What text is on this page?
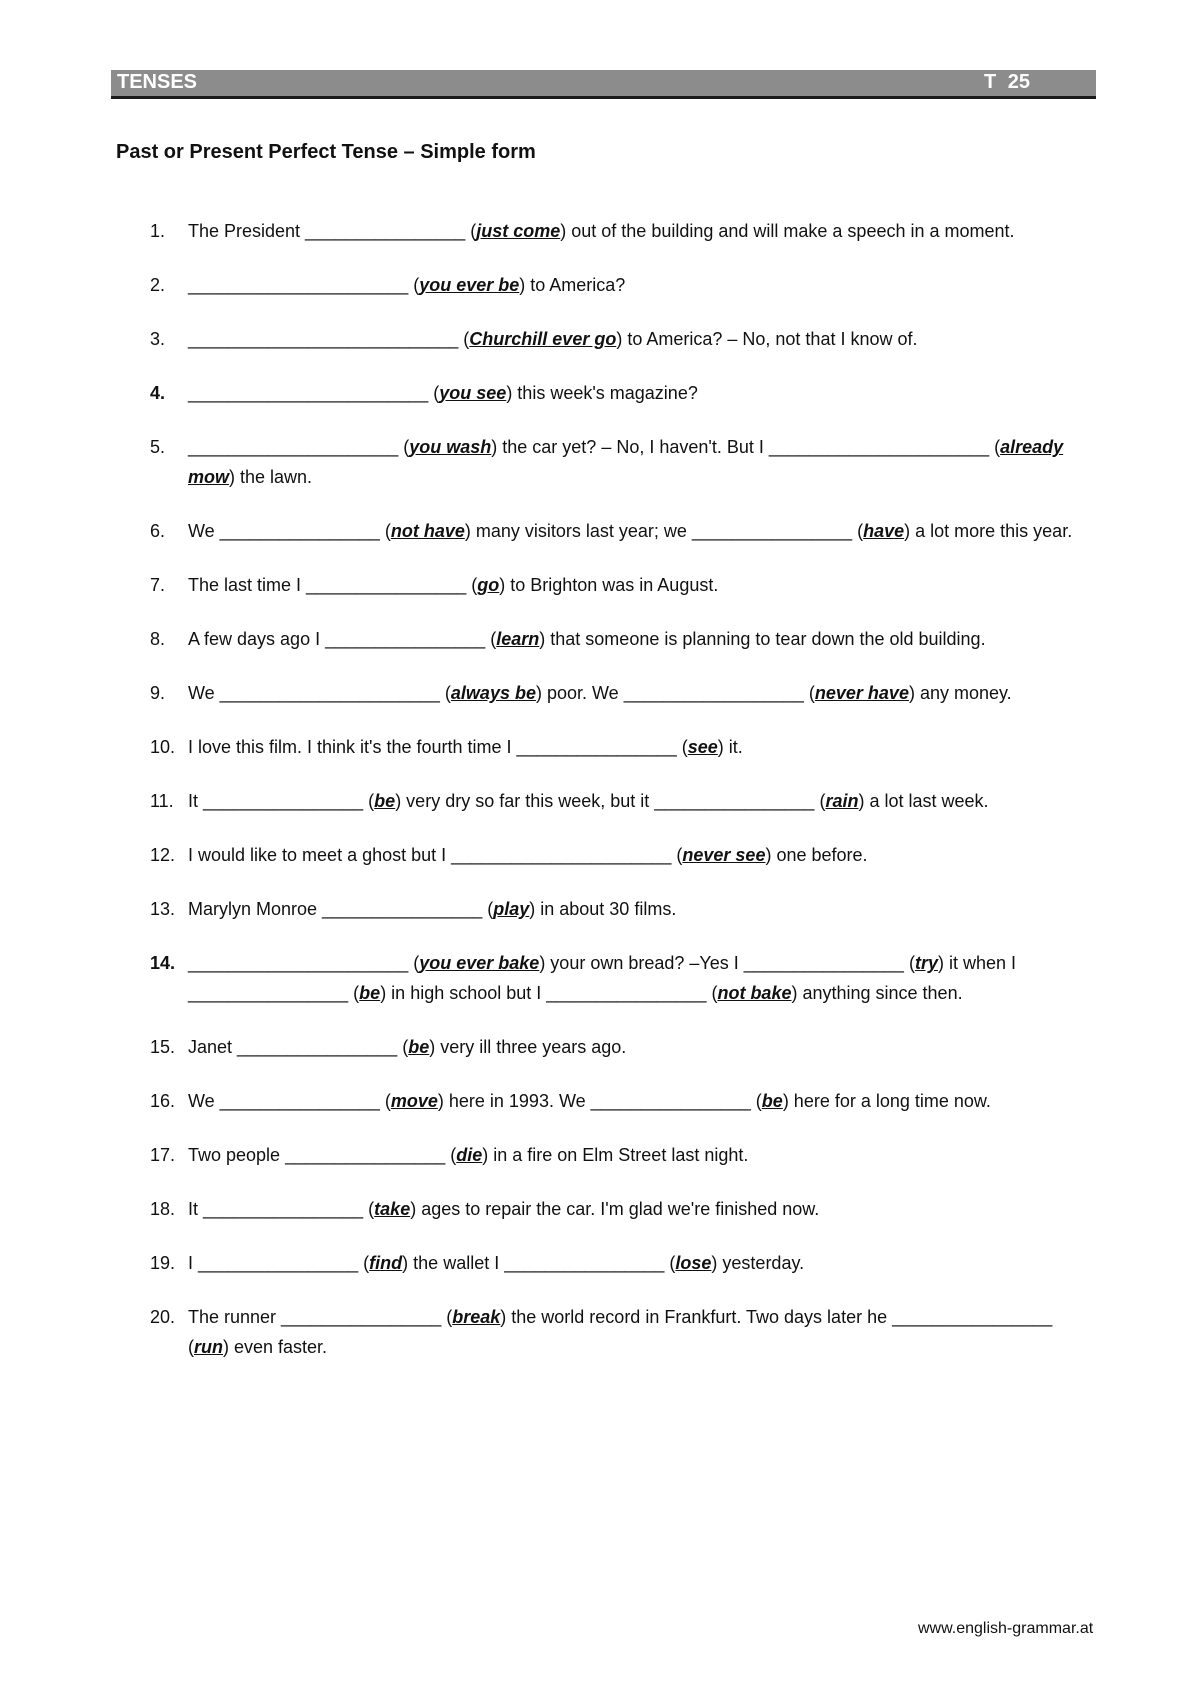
TENSES	T 25
Past or Present Perfect Tense – Simple form
1. The President ________________ (just come) out of the building and will make a speech in a moment.
2. ______________________ (you ever be) to America?
3. ___________________________ (Churchill ever go) to America? – No, not that I know of.
4. ________________________ (you see) this week's magazine?
5. _____________________ (you wash) the car yet? – No, I haven't. But I ______________________ (already mow) the lawn.
6. We ________________ (not have) many visitors last year; we ________________ (have) a lot more this year.
7. The last time I ________________ (go) to Brighton was in August.
8. A few days ago I ________________ (learn) that someone is planning to tear down the old building.
9. We ______________________ (always be) poor. We __________________ (never have) any money.
10. I love this film. I think it's the fourth time I ________________ (see) it.
11. It ________________ (be) very dry so far this week, but it ________________ (rain) a lot last week.
12. I would like to meet a ghost but I ______________________ (never see) one before.
13. Marylyn Monroe ________________ (play) in about 30 films.
14. ______________________ (you ever bake) your own bread? –Yes I ________________ (try) it when I ________________ (be) in high school but I ________________ (not bake) anything since then.
15. Janet ________________ (be) very ill three years ago.
16. We ________________ (move) here in 1993. We ________________ (be) here for a long time now.
17. Two people ________________ (die) in a fire on Elm Street last night.
18. It ________________ (take) ages to repair the car. I'm glad we're finished now.
19. I ________________ (find) the wallet I ________________ (lose) yesterday.
20. The runner ________________ (break) the world record in Frankfurt. Two days later he ________________ (run) even faster.
www.english-grammar.at
